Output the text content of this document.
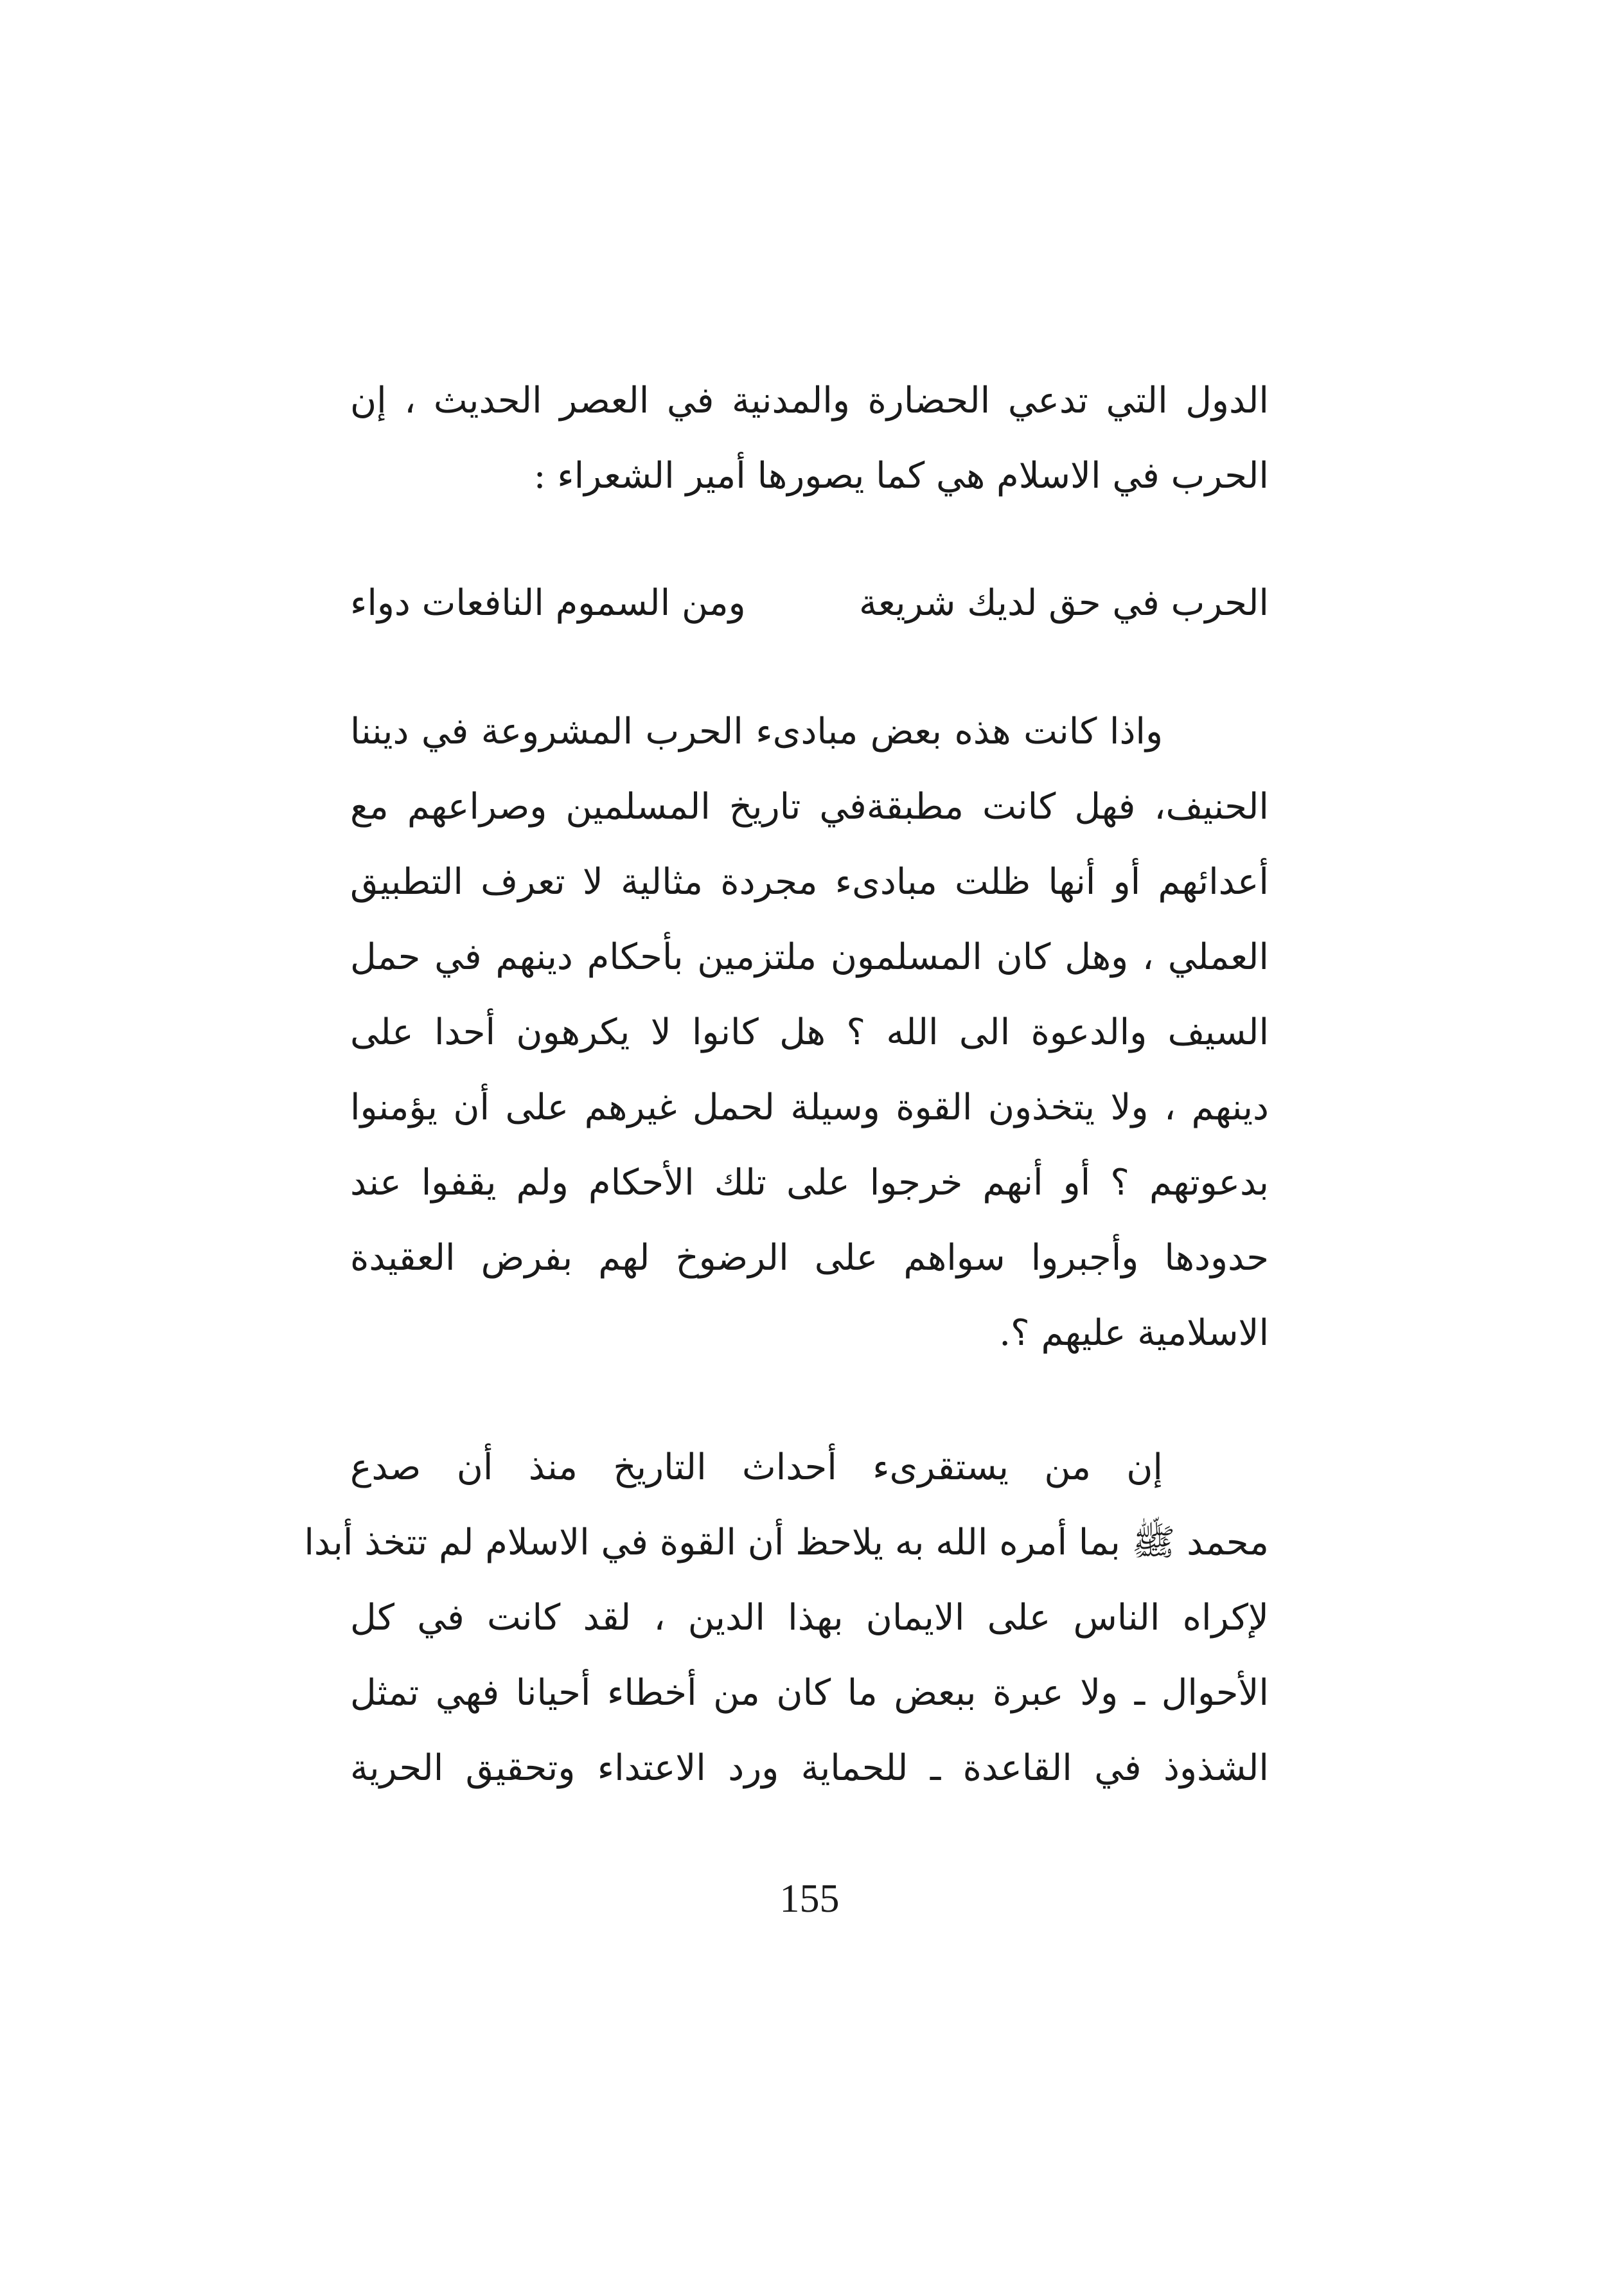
الدول التي تدعي الحضارة والمدنية في العصر الحديث ، إن
الحرب في الاسلام هي كما يصورها أمير الشعراء :
الحرب في حق لديك شريعة
ومن السموم النافعات دواء
واذا كانت هذه بعض مبادىء الحرب المشروعة في ديننا
الحنيف، فهل كانت مطبقةفي تاريخ المسلمين وصراعهم مع
أعدائهم أو أنها ظلت مبادىء مجردة مثالية لا تعرف التطبيق
العملي ، وهل كان المسلمون ملتزمين بأحكام دينهم في حمل
السيف والدعوة الى الله ؟ هل كانوا لا يكرهون أحدا على
دينهم ، ولا يتخذون القوة وسيلة لحمل غيرهم على أن يؤمنوا
بدعوتهم ؟ أو أنهم خرجوا على تلك الأحكام ولم يقفوا عند
حدودها وأجبروا سواهم على الرضوخ لهم بفرض العقيدة
الاسلامية عليهم ؟.
إن من يستقرىء أحداث التاريخ منذ أن صدع
محمد ﷺ بما أمره الله به يلاحظ أن القوة في الاسلام لم تتخذ أبدا
لإكراه الناس على الايمان بهذا الدين ، لقد كانت في كل
الأحوال ـ ولا عبرة ببعض ما كان من أخطاء أحيانا فهي تمثل
الشذوذ في القاعدة ـ للحماية ورد الاعتداء وتحقيق الحرية
155
